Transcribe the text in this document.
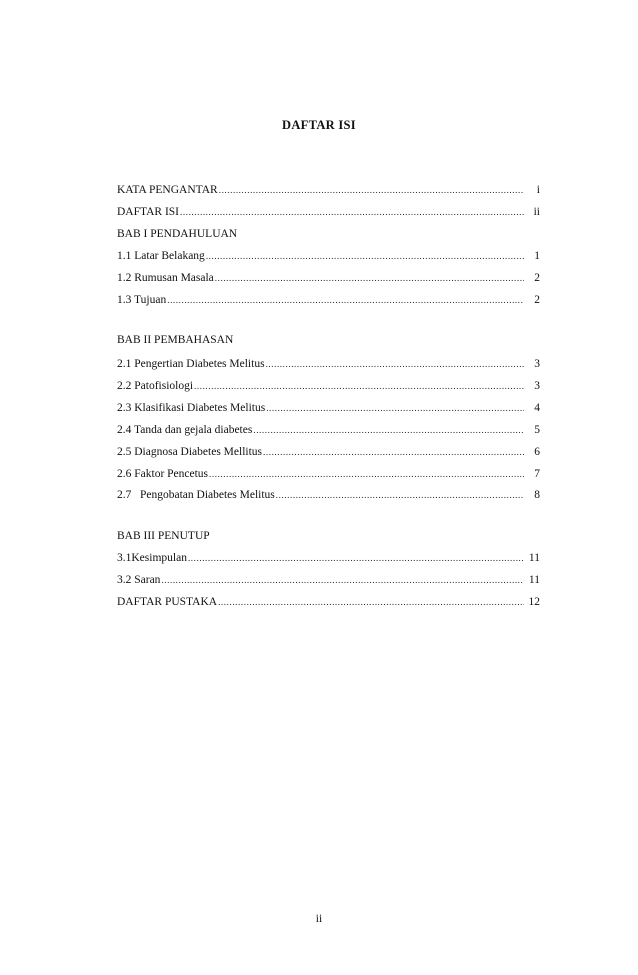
DAFTAR ISI
KATA PENGANTAR .....	i
DAFTAR ISI .....	ii
BAB I PENDAHULUAN
1.1 Latar Belakang .....	1
1.2 Rumusan Masala .....	2
1.3 Tujuan .....	2
BAB II PEMBAHASAN
2.1 Pengertian Diabetes Melitus .....	3
2.2 Patofisiologi .....	3
2.3 Klasifikasi Diabetes Melitus .....	4
2.4 Tanda dan gejala diabetes .....	5
2.5 Diagnosa Diabetes Mellitus .....	6
2.6 Faktor Pencetus .....	7
2.7   Pengobatan Diabetes Melitus .....	8
BAB III PENUTUP
3.1Kesimpulan .....	11
3.2 Saran .....	11
DAFTAR PUSTAKA .....	12
ii
